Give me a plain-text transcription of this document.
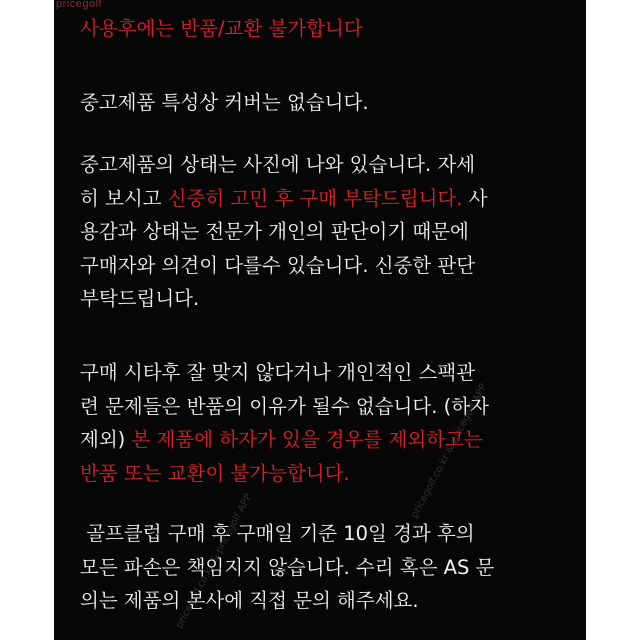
pricegolf
pricegolf.co.kr & pricegolf APP
pricegolf.co.kr & pricegolf APP

사용후에는 반품/교환 불가합니다

중고제품 특성상 커버는 없습니다.

중고제품의 상태는 사진에 나와 있습니다. 자세
히 보시고 신중히 고민 후 구매 부탁드립니다. 사
용감과 상태는 전문가 개인의 판단이기 때문에
구매자와 의견이 다를수 있습니다. 신중한 판단
부탁드립니다.
구매 시타후 잘 맞지 않다거나 개인적인 스팩관
련 문제들은 반품의 이유가 될수 없습니다. (하자
제외) 본 제품에 하자가 있을 경우를 제외하고는
반품 또는 교환이 불가능합니다.
골프클럽 구매 후 구매일 기준 10일 경과 후의
모든 파손은 책임지지 않습니다. 수리 혹은 AS 문
의는 제품의 본사에 직접 문의 해주세요.
